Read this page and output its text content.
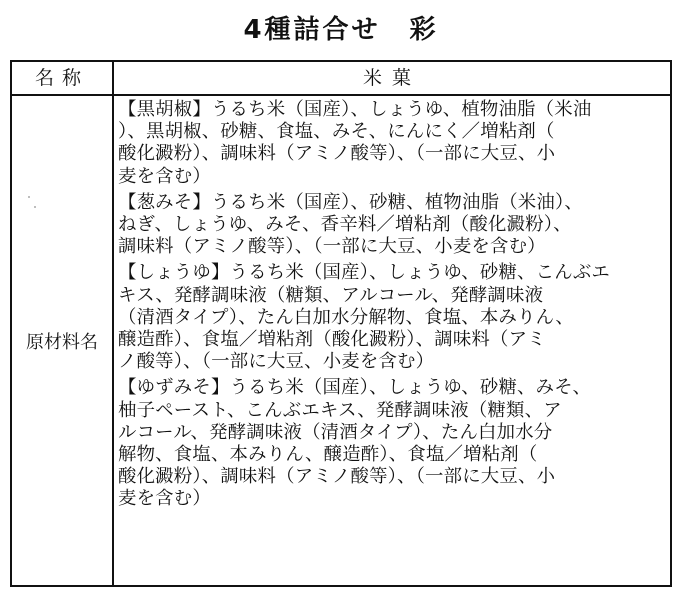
4種詰合せ　彩
名称	米菓
原材料名
【黒胡椒】うるち米（国産）、しょうゆ、植物油脂（米油
）、黒胡椒、砂糖、食塩、みそ、にんにく／増粘剤（
酸化澱粉）、調味料（アミノ酸等）、（一部に大豆、小
麦を含む）
【葱みそ】うるち米（国産）、砂糖、植物油脂（米油）、
ねぎ、しょうゆ、みそ、香辛料／増粘剤（酸化澱粉）、
調味料（アミノ酸等）、（一部に大豆、小麦を含む）
【しょうゆ】うるち米（国産）、しょうゆ、砂糖、こんぶエ
キス、発酵調味液（糖類、アルコール、発酵調味液
（清酒タイプ）、たん白加水分解物、食塩、本みりん、
醸造酢）、食塩／増粘剤（酸化澱粉）、調味料（アミ
ノ酸等）、（一部に大豆、小麦を含む）
【ゆずみそ】うるち米（国産）、しょうゆ、砂糖、みそ、
柚子ペースト、こんぶエキス、発酵調味液（糖類、ア
ルコール、発酵調味液（清酒タイプ）、たん白加水分
解物、食塩、本みりん、醸造酢）、食塩／増粘剤（
酸化澱粉）、調味料（アミノ酸等）、（一部に大豆、小
麦を含む）
